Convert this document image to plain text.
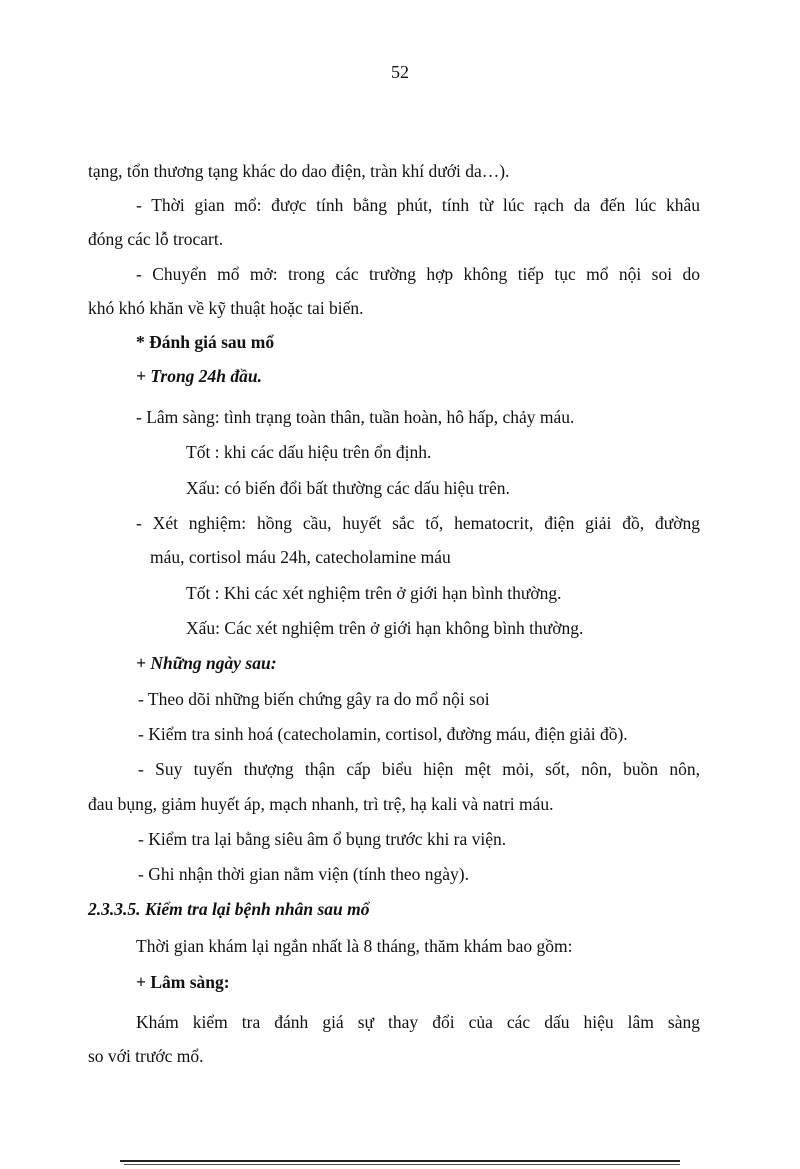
52
tạng, tổn thương tạng khác do dao điện, tràn khí dưới da…).
- Thời gian mổ: được tính bằng phút, tính từ lúc rạch da đến lúc khâu
đóng các lỗ trocart.
- Chuyển mổ mở: trong các trường hợp không tiếp tục mổ nội soi do
khó khó khăn về kỹ thuật hoặc tai biến.
* Đánh giá sau mổ
+ Trong 24h đầu.
- Lâm sàng: tình trạng toàn thân, tuần hoàn, hô hấp, chảy máu.
Tốt : khi các dấu hiệu trên ổn định.
Xấu: có biến đổi bất thường các dấu hiệu trên.
- Xét nghiệm: hồng cầu, huyết sắc tố, hematocrit, điện giải đồ, đường
máu, cortisol máu 24h, catecholamine máu
Tốt : Khi các xét nghiệm trên ở giới hạn bình thường.
Xấu: Các xét nghiệm trên ở giới hạn không bình thường.
+ Những ngày sau:
- Theo dõi những biến chứng gây ra do mổ nội soi
- Kiểm tra sinh hoá (catecholamin, cortisol, đường máu, điện giải đồ).
- Suy tuyến thượng thận cấp biểu hiện mệt mỏi, sốt, nôn, buồn nôn,
đau bụng, giảm huyết áp, mạch nhanh, trì trệ, hạ kali và natri máu.
- Kiểm tra lại bằng siêu âm ổ bụng trước khi ra viện.
- Ghi nhận thời gian nằm viện (tính theo ngày).
2.3.3.5. Kiểm tra lại bệnh nhân sau mổ
Thời gian khám lại ngắn nhất là 8 tháng, thăm khám bao gồm:
+ Lâm sàng:
Khám kiểm tra đánh giá sự thay đổi của các dấu hiệu lâm sàng
so với trước mổ.
